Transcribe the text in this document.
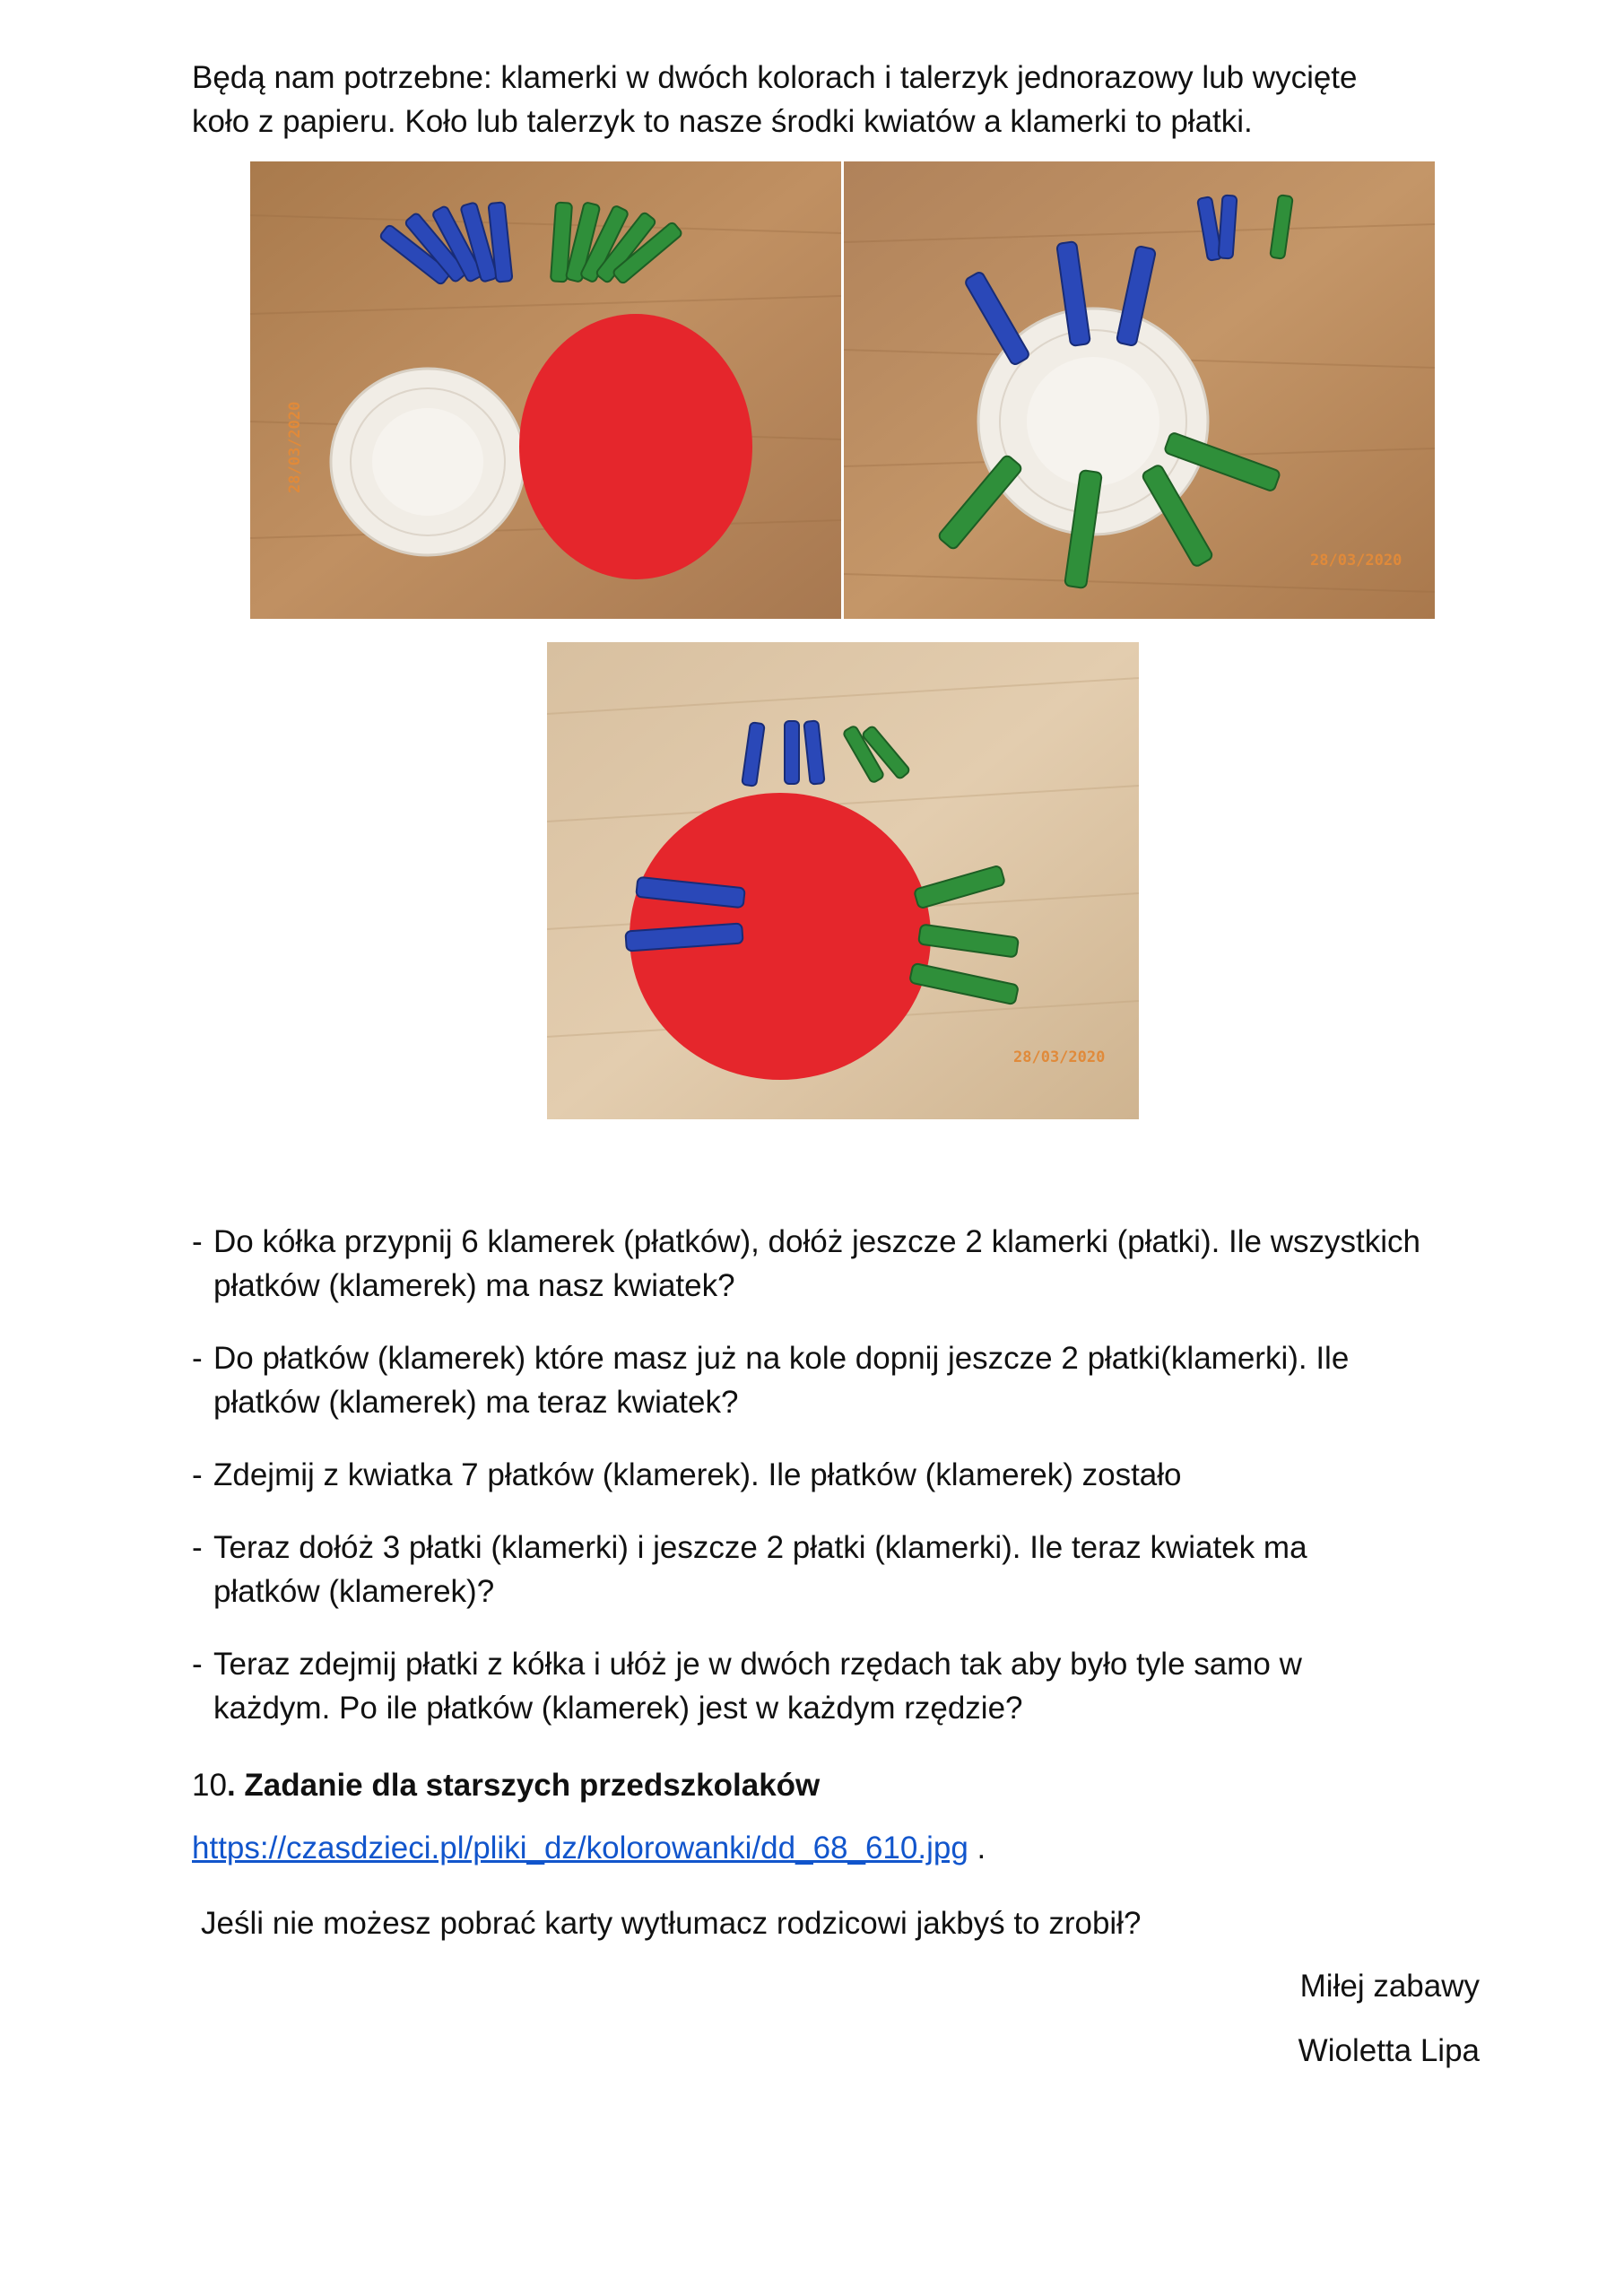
Będą nam potrzebne: klamerki w dwóch kolorach i talerzyk jednorazowy lub wycięte
koło z papieru. Koło lub talerzyk to nasze środki kwiatów a klamerki to płatki.
28/03/2020
28/03/2020
28/03/2020
- Do kółka przypnij 6 klamerek (płatków), dołóż jeszcze 2 klamerki (płatki). Ile wszystkich
płatków (klamerek) ma nasz kwiatek?
- Do płatków (klamerek) które masz już na kole dopnij jeszcze 2 płatki(klamerki). Ile
płatków (klamerek) ma teraz kwiatek?
- Zdejmij z kwiatka 7 płatków (klamerek). Ile płatków (klamerek) zostało
- Teraz dołóż 3 płatki (klamerki) i jeszcze 2 płatki (klamerki). Ile teraz kwiatek ma
płatków (klamerek)?
- Teraz zdejmij płatki z kółka i ułóż je w dwóch rzędach tak aby było tyle samo w
każdym. Po ile płatków (klamerek) jest w każdym rzędzie?
10. Zadanie dla starszych przedszkolaków
https://czasdzieci.pl/pliki_dz/kolorowanki/dd_68_610.jpg .
Jeśli nie możesz pobrać karty wytłumacz rodzicowi jakbyś to zrobił?
Miłej zabawy
Wioletta Lipa
